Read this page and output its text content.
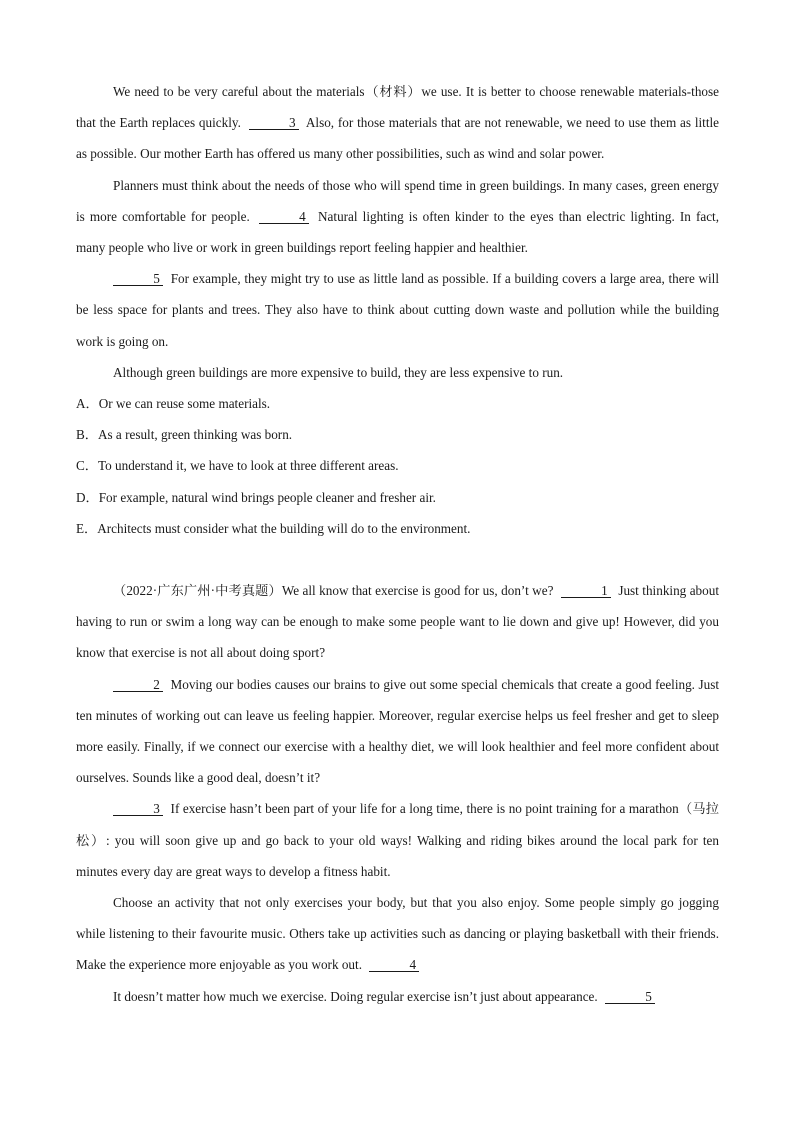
We need to be very careful about the materials（材料）we use. It is better to choose renewable materials-those that the Earth replaces quickly.	3 Also, for those materials that are not renewable, we need to use them as little as possible. Our mother Earth has offered us many other possibilities, such as wind and solar power.

Planners must think about the needs of those who will spend time in green buildings. In many cases, green energy is more comfortable for people.	4 Natural lighting is often kinder to the eyes than electric lighting. In fact, many people who live or work in green buildings report feeling happier and healthier.

5 For example, they might try to use as little land as possible. If a building covers a large area, there will be less space for plants and trees. They also have to think about cutting down waste and pollution while the building work is going on.

Although green buildings are more expensive to build, they are less expensive to run.

A．Or we can reuse some materials.

B．As a result, green thinking was born.

C．To understand it, we have to look at three different areas.

D．For example, natural wind brings people cleaner and fresher air.

E．Architects must consider what the building will do to the environment.

（2022·广东广州·中考真题）We all know that exercise is good for us, don’t we?	1 Just thinking about having to run or swim a long way can be enough to make some people want to lie down and give up! However, did you know that exercise is not all about doing sport?

2 Moving our bodies causes our brains to give out some special chemicals that create a good feeling. Just ten minutes of working out can leave us feeling happier. Moreover, regular exercise helps us feel fresher and get to sleep more easily. Finally, if we connect our exercise with a healthy diet, we will look healthier and feel more confident about ourselves. Sounds like a good deal, doesn’t it?

3 If exercise hasn’t been part of your life for a long time, there is no point training for a marathon（马拉松）: you will soon give up and go back to your old ways! Walking and riding bikes around the local park for ten minutes every day are great ways to develop a fitness habit.

Choose an activity that not only exercises your body, but that you also enjoy. Some people simply go jogging while listening to their favourite music. Others take up activities such as dancing or playing basketball with their friends. Make the experience more enjoyable as you work out.	4

It doesn’t matter how much we exercise. Doing regular exercise isn’t just about appearance.	5
